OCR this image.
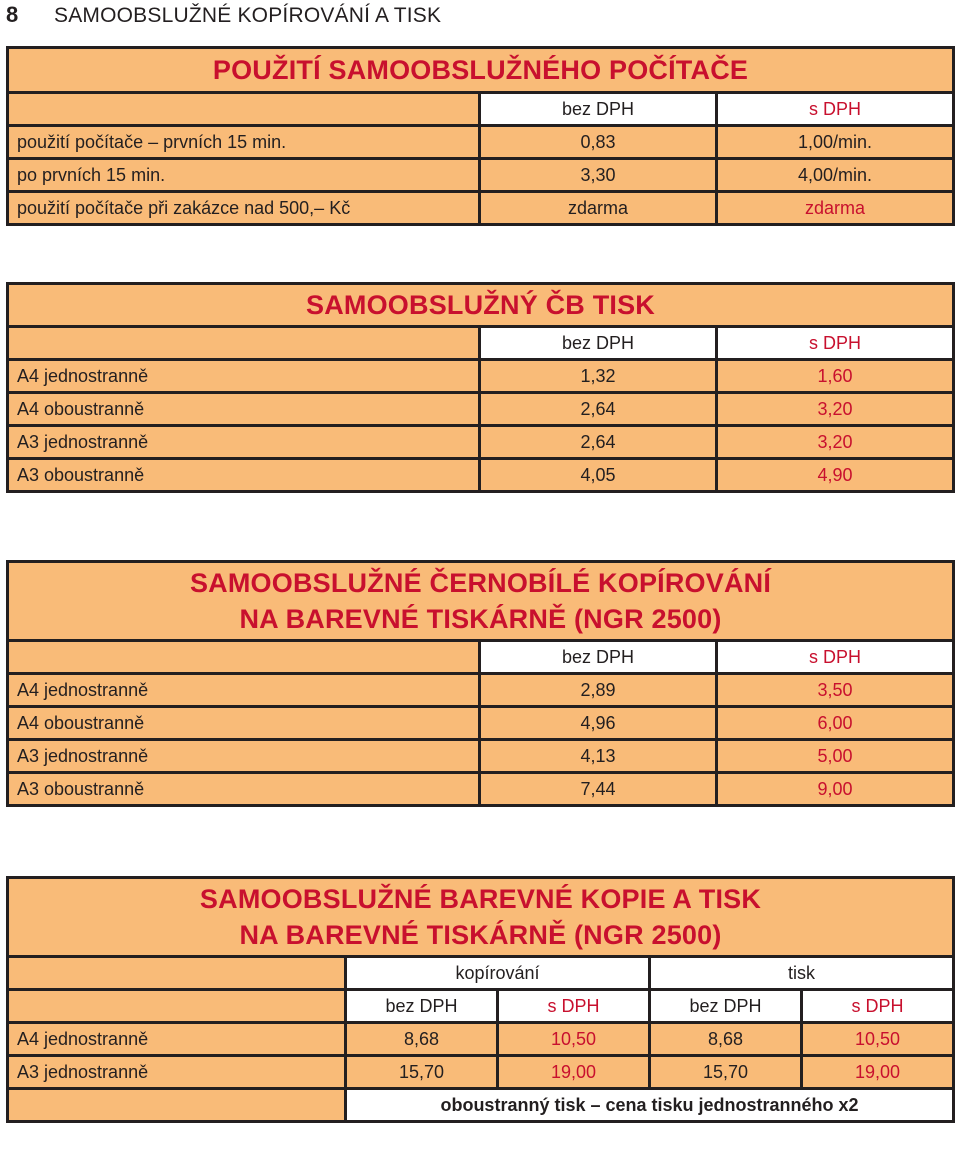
8 SAMOOBSLUŽNÉ KOPÍROVÁNÍ A TISK
POUŽITÍ SAMOOBSLUŽNÉHO POČÍTAČE		
	bez DPH	s DPH
použití počítače – prvních 15 min.	0,83	1,00/min.
po prvních 15 min.	3,30	4,00/min.
použití počítače při zakázce nad 500,– Kč	zdarma	zdarma
SAMOOBSLUŽNÝ ČB TISK		
	bez DPH	s DPH
A4 jednostranně	1,32	1,60
A4 oboustranně	2,64	3,20
A3 jednostranně	2,64	3,20
A3 oboustranně	4,05	4,90
SAMOOBSLUŽNÉ ČERNOBÍLÉ KOPÍROVÁNÍ
NA BAREVNÉ TISKÁRNĚ (NGR 2500)		

	bez DPH	s DPH
A4 jednostranně	2,89	3,50
A4 oboustranně	4,96	6,00
A3 jednostranně	4,13	5,00
A3 oboustranně	7,44	9,00
SAMOOBSLUŽNÉ BAREVNÉ KOPIE A TISK
NA BAREVNÉ TISKÁRNĚ (NGR 2500)				

	kopírování		tisk	
	bez DPH	s DPH	bez DPH	s DPH
A4 jednostranně	8,68	10,50	8,68	10,50
A3 jednostranně	15,70	19,00	15,70	19,00
	oboustranný tisk – cena tisku jednostranného x2			
